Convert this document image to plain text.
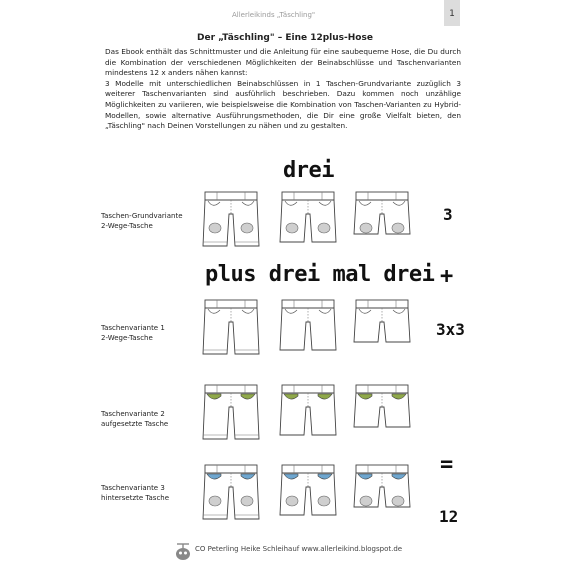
Allerleikinds „Täschling"	1
Der „Täschling" – Eine 12plus-Hose

Das Ebook enthält das Schnittmuster und die Anleitung für eine saubequeme Hose, die Du durch die Kombination der verschiedenen Möglichkeiten der Beinabschlüsse und Taschenvarianten mindestens 12 x anders nähen kannst:

3 Modelle mit unterschiedlichen Beinabschlüssen in 1 Taschen-Grundvariante zuzüglich 3 weiterer Taschenvarianten sind ausführlich beschrieben. Dazu kommen noch unzählige Möglichkeiten zu variieren, wie beispielsweise die Kombination von Taschen-Varianten zu Hybrid-Modellen, sowie alternative Ausführungsmethoden, die Dir eine große Vielfalt bieten, den „Täschling" nach Deinen Vorstellungen zu nähen und zu gestalten.

drei
plus drei mal drei
Taschen-Grundvariante
2-Wege-Tasche
Taschenvariante 1
2-Wege-Tasche
Taschenvariante 2
aufgesetzte Tasche
Taschenvariante 3
hintersetzte Tasche
3
+
3x3
=
12
CO Peterling Heike Schleihauf www.allerleikind.blogspot.de
